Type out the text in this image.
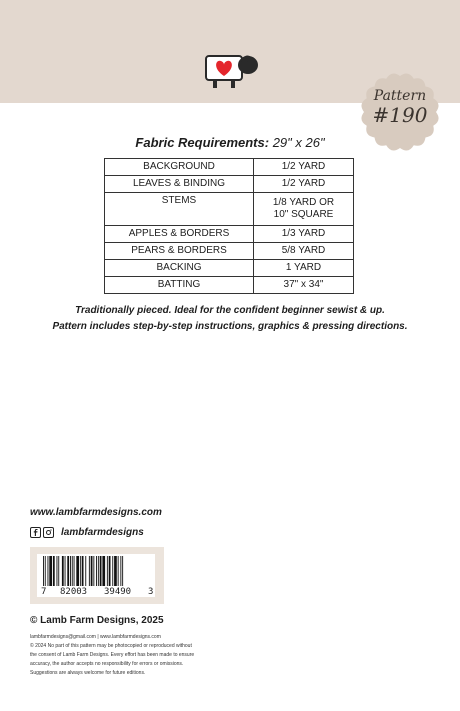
Pattern
#190
Fabric Requirements: 29" x 26"
BACKGROUND	1/2 YARD
LEAVES & BINDING	1/2 YARD
STEMS	1/8 YARD OR
10" SQUARE

APPLES & BORDERS	1/3 YARD
PEARS & BORDERS	5/8 YARD
BACKING	1 YARD
BATTING	37" x 34"
Traditionally pieced. Ideal for the confident beginner sewist & up.
Pattern includes step-by-step instructions, graphics & pressing directions.
www.lambfarmdesigns.com
lambfarmdesigns
7 82003 39490 3
© Lamb Farm Designs, 2025
lambfarmdesigns@gmail.com | www.lambfarmdesigns.com
© 2024 No part of this pattern may be photocopied or reproduced without
the consent of Lamb Farm Designs. Every effort has been made to ensure
accuracy, the author accepts no responsibility for errors or omissions.
Suggestions are always welcome for future editions.
